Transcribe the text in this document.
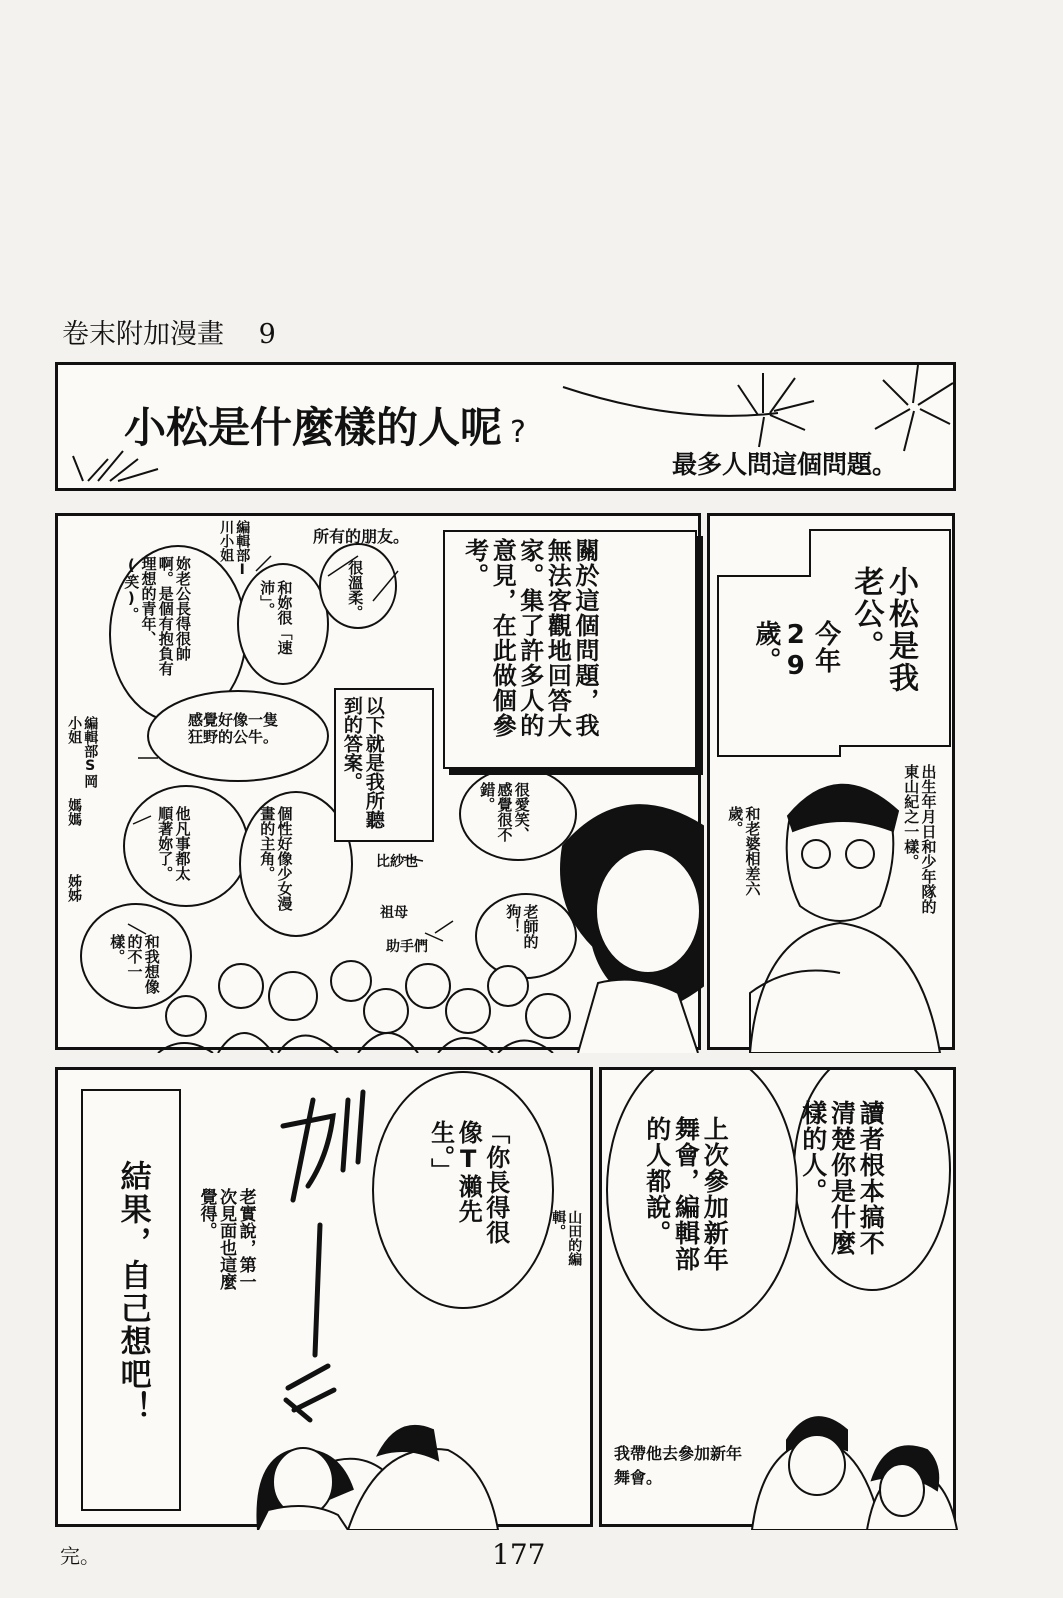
卷末附加漫畫 9
小松是什麼樣的人呢 ?
最多人問這個問題。
關於這個問題，我無法客觀地回答大家。集了許多人的意見，在此做個參考。
以下就是我所聽到的答案。
編輯部I川小姐	所有的朋友。
編輯部S岡小姐
媽媽
姊姊
比紗也
祖母
助手們
妳老公長得很帥啊。是個有抱負有理想的青年、(笑)。	和妳很「速沛」。	很溫柔。
感覺好像一隻狂野的公牛。
他凡事都太順著妳了。	個性好像少女漫畫的主角。	很愛笑、感覺很不錯。
老師的狗！
和我想像的不一樣。
小松是我老公。
今年29歲。
出生年月日和少年隊的東山紀之一樣。
和老婆相差六歲。
結果，自己想吧！	老實說，第一次見面也這麼覺得。	「你長得很像T瀨先生。」
山田的編輯。	讀者根本搞不清楚你是什麼樣的人。
上次參加新年舞會，編輯部的人都說。
我帶他去參加新年舞會。
完。	177
